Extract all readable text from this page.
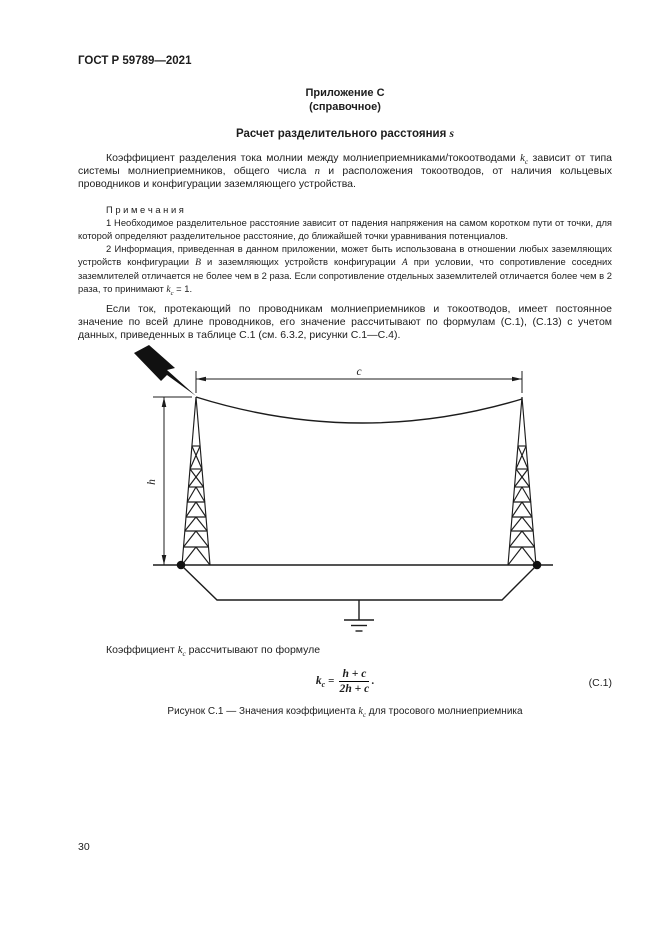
ГОСТ Р 59789—2021
Приложение С
(справочное)
Расчет разделительного расстояния s

Коэффициент разделения тока молнии между молниеприемниками/токоотводами $k_c$ зависит от типа системы молниеприемников, общего числа n и расположения токоотводов, от наличия кольцевых проводников и конфигурации заземляющего устройства.

П р и м е ч а н и я

1 Необходимое разделительное расстояние зависит от падения напряжения на самом коротком пути от точки, для которой определяют разделительное расстояние, до ближайшей точки уравнивания потенциалов.

2 Информация, приведенная в данном приложении, может быть использована в отношении любых заземляющих устройств конфигурации В и заземляющих устройств конфигурации А при условии, что сопротивление соседних заземлителей отличается не более чем в 2 раза. Если сопротивление отдельных заземлителей отличается более чем в 2 раза, то принимают $k_c = 1$.

Если ток, протекающий по проводникам молниеприемников и токоотводов, имеет постоянное значение по всей длине проводников, его значение рассчитывают по формулам (С.1), (С.13) с учетом данных, приведенных в таблице С.1 (см. 6.3.2, рисунки С.1—С.4).

c
h

Коэффициент $k_c$ рассчитывают по формуле

$k_c = \frac{h + c}{2h + c}$ .	(С.1)
Рисунок С.1 — Значения коэффициента $k_c$ для тросового молниеприемника
30
